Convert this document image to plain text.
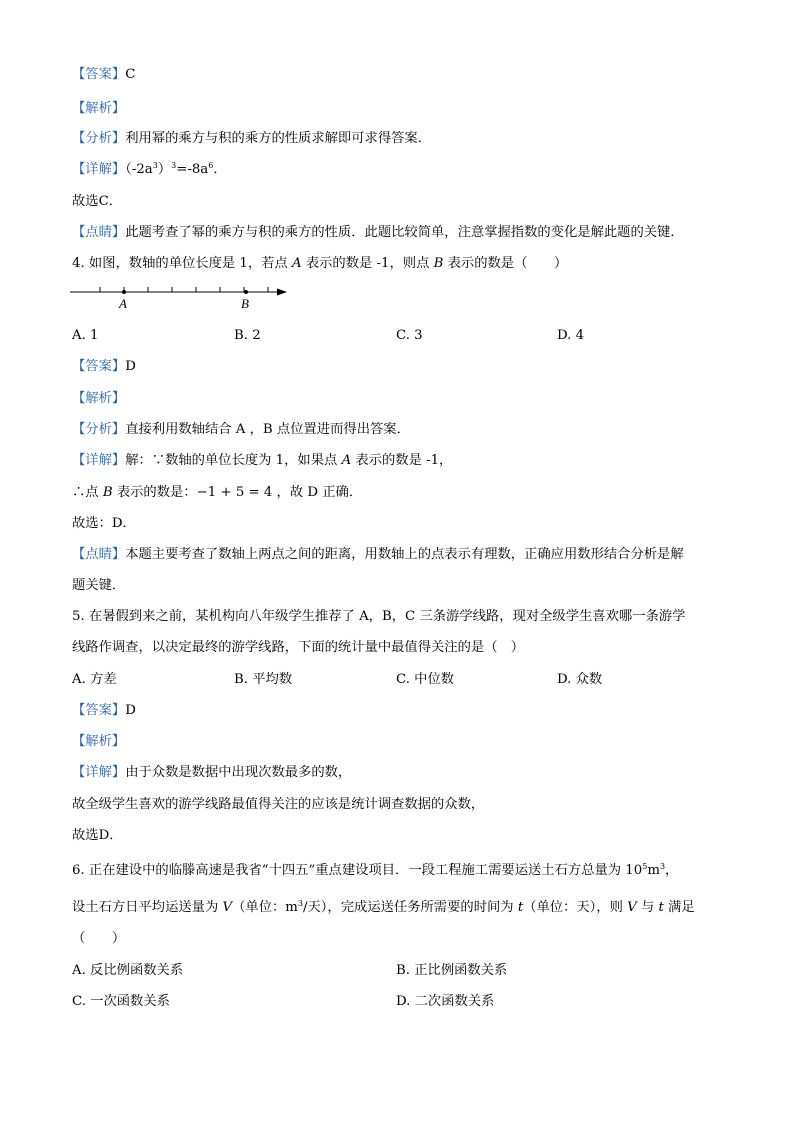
【答案】C
【解析】
【分析】利用幂的乘方与积的乘方的性质求解即可求得答案．
【详解】$(-2a^3)^3=-8a^6$．
故选C．
【点睛】此题考查了幂的乘方与积的乘方的性质．此题比较简单，注意掌握指数的变化是解此题的关键．
4. 如图，数轴的单位长度是 1，若点 A 表示的数是 -1，则点 B 表示的数是（　　）
A	B
A. 1	B. 2	C. 3	D. 4
【答案】D
【解析】
【分析】直接利用数轴结合 A ，B 点位置进而得出答案．
【详解】解：∵数轴的单位长度为 1，如果点 A 表示的数是 -1，
∴点 B 表示的数是：−1 + 5 = 4 ，故 D 正确．
故选：D．
【点睛】本题主要考查了数轴上两点之间的距离，用数轴上的点表示有理数，正确应用数形结合分析是解
题关键．
5. 在暑假到来之前，某机构向八年级学生推荐了 A，B，C 三条游学线路，现对全级学生喜欢哪一条游学
线路作调查，以决定最终的游学线路，下面的统计量中最值得关注的是（　）
A. 方差	B. 平均数	C. 中位数	D. 众数
【答案】D
【解析】
【详解】由于众数是数据中出现次数最多的数，
故全级学生喜欢的游学线路最值得关注的应该是统计调查数据的众数，
故选D．
6. 正在建设中的临滕高速是我省“十四五”重点建设项目．一段工程施工需要运送土石方总量为 $10^5m^3$，
设土石方日平均运送量为 V（单位：$m^3/$天），完成运送任务所需要的时间为 t（单位：天），则 V 与 t 满足
（　　）
A. 反比例函数关系	B. 正比例函数关系
C. 一次函数关系	D. 二次函数关系
